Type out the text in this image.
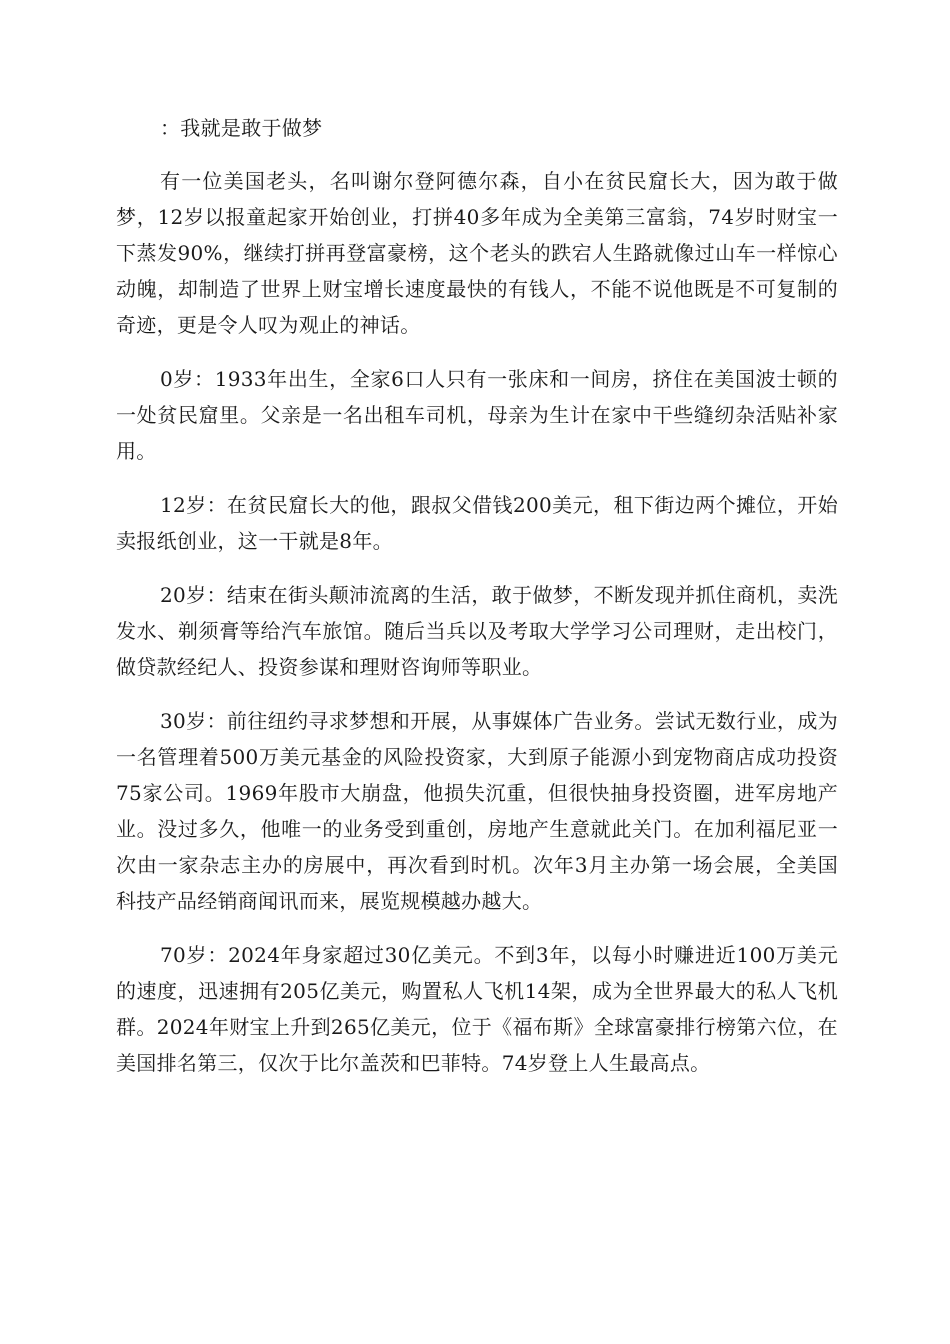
：我就是敢于做梦

有一位美国老头，名叫谢尔登阿德尔森，自小在贫民窟长大，因为敢于做梦，12岁以报童起家开始创业，打拼40多年成为全美第三富翁，74岁时财宝一下蒸发90%，继续打拼再登富豪榜，这个老头的跌宕人生路就像过山车一样惊心动魄，却制造了世界上财宝增长速度最快的有钱人，不能不说他既是不可复制的奇迹，更是令人叹为观止的神话。

0岁：1933年出生，全家6口人只有一张床和一间房，挤住在美国波士顿的一处贫民窟里。父亲是一名出租车司机，母亲为生计在家中干些缝纫杂活贴补家用。

12岁：在贫民窟长大的他，跟叔父借钱200美元，租下街边两个摊位，开始卖报纸创业，这一干就是8年。

20岁：结束在街头颠沛流离的生活，敢于做梦，不断发现并抓住商机，卖洗发水、剃须膏等给汽车旅馆。随后当兵以及考取大学学习公司理财，走出校门，做贷款经纪人、投资参谋和理财咨询师等职业。

30岁：前往纽约寻求梦想和开展，从事媒体广告业务。尝试无数行业，成为一名管理着500万美元基金的风险投资家，大到原子能源小到宠物商店成功投资75家公司。1969年股市大崩盘，他损失沉重，但很快抽身投资圈，进军房地产业。没过多久，他唯一的业务受到重创，房地产生意就此关门。在加利福尼亚一次由一家杂志主办的房展中，再次看到时机。次年3月主办第一场会展，全美国科技产品经销商闻讯而来，展览规模越办越大。

70岁：2024年身家超过30亿美元。不到3年，以每小时赚进近100万美元的速度，迅速拥有205亿美元，购置私人飞机14架，成为全世界最大的私人飞机群。2024年财宝上升到265亿美元，位于《福布斯》全球富豪排行榜第六位，在美国排名第三，仅次于比尔盖茨和巴菲特。74岁登上人生最高点。
